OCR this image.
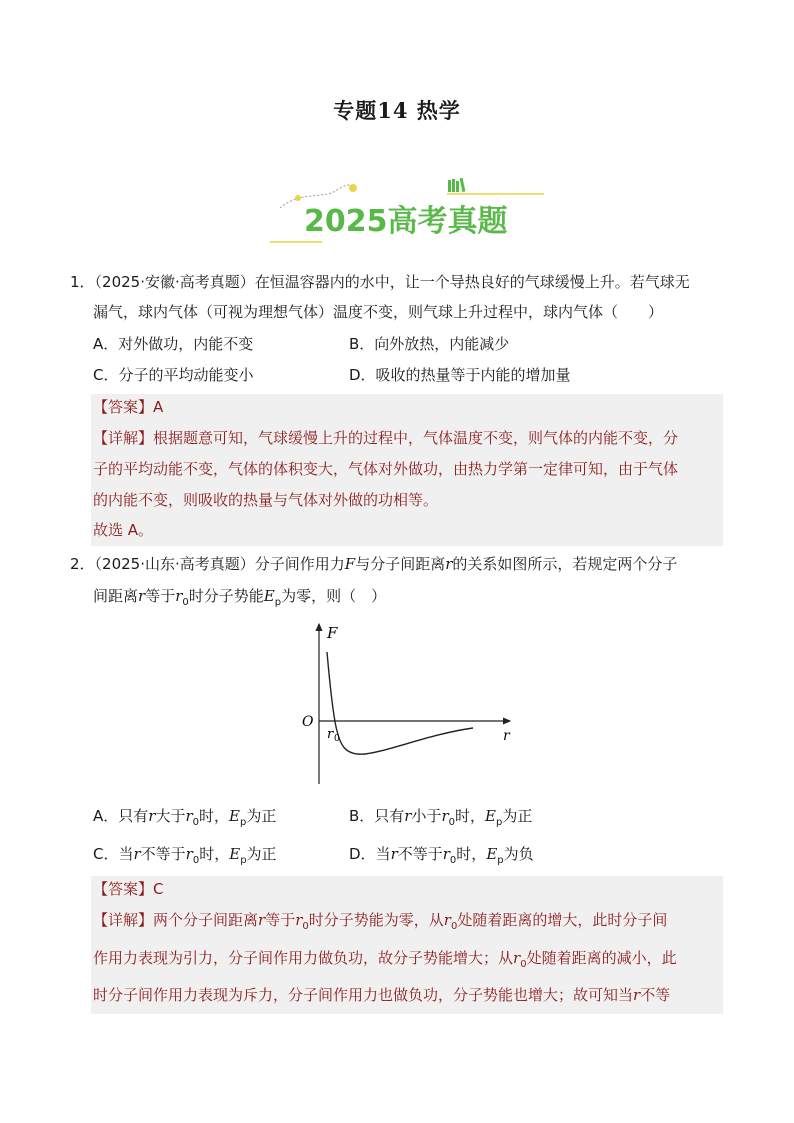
专题14 热学
2025高考真题
1．（2025·安徽·高考真题）在恒温容器内的水中，让一个导热良好的气球缓慢上升。若气球无
漏气，球内气体（可视为理想气体）温度不变，则气球上升过程中，球内气体（　　）
A．对外做功，内能不变	B．向外放热，内能减少
C．分子的平均动能变小	D．吸收的热量等于内能的增加量
【答案】A
【详解】根据题意可知，气球缓慢上升的过程中，气体温度不变，则气体的内能不变，分
子的平均动能不变，气体的体积变大，气体对外做功，由热力学第一定律可知，由于气体
的内能不变，则吸收的热量与气体对外做的功相等。
故选 A。
2．（2025·山东·高考真题）分子间作用力F与分子间距离r的关系如图所示，若规定两个分子
间距离r等于$r_0$时分子势能$E_p$为零，则（　）
F
O
r
r 0
A．只有r大于$r_0$时，$E_p$为正	B．只有r小于$r_0$时，$E_p$为正
C．当r不等于$r_0$时，$E_p$为正	D．当r不等于$r_0$时，$E_p$为负
【答案】C
【详解】两个分子间距离r等于$r_0$时分子势能为零，从$r_0$处随着距离的增大，此时分子间
作用力表现为引力，分子间作用力做负功，故分子势能增大；从$r_0$处随着距离的减小，此
时分子间作用力表现为斥力，分子间作用力也做负功，分子势能也增大；故可知当r不等
